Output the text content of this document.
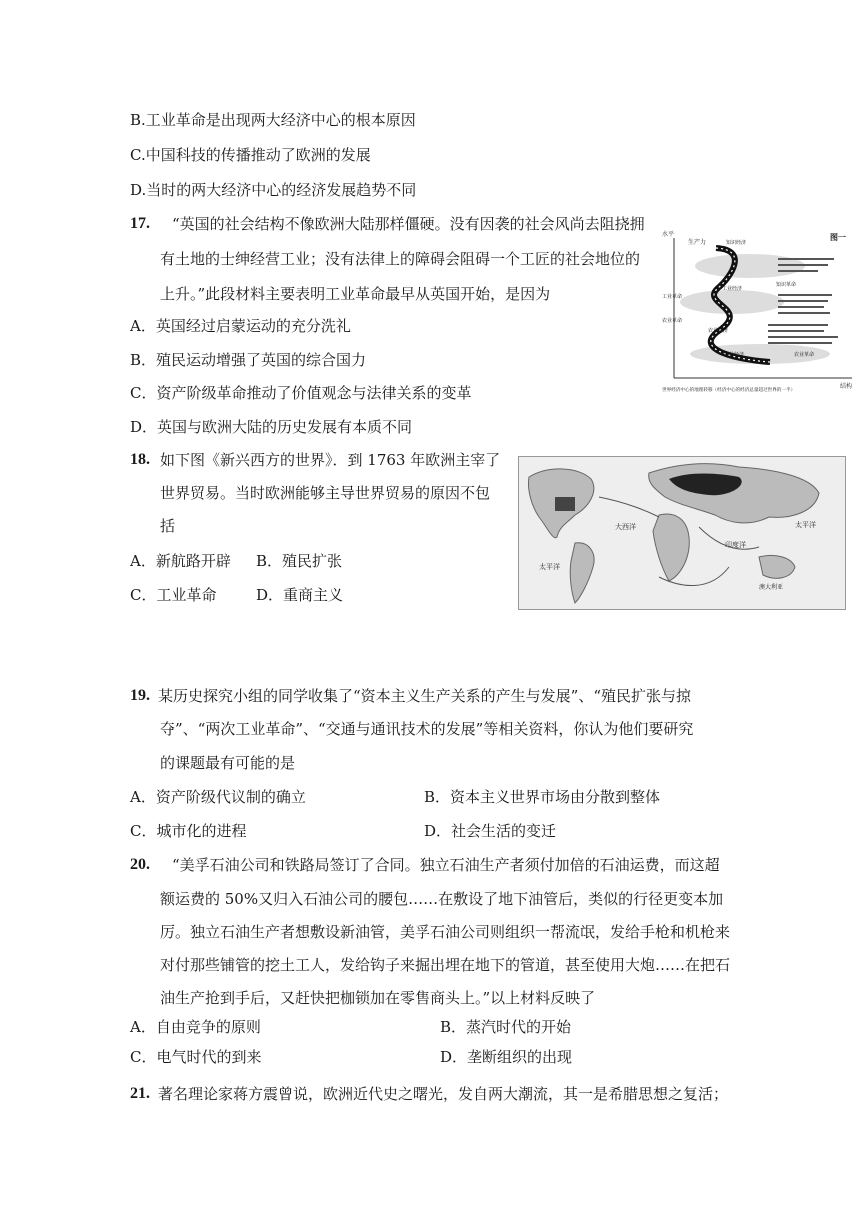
B.工业革命是出现两大经济中心的根本原因
C.中国科技的传播推动了欧洲的发展
D.当时的两大经济中心的经济发展趋势不同
17. “英国的社会结构不像欧洲大陆那样僵硬。没有因袭的社会风尚去阻挠拥
有土地的士绅经营工业；没有法律上的障碍会阻碍一个工匠的社会地位的
上升。”此段材料主要表明工业革命最早从英国开始，是因为
A．英国经过启蒙运动的充分洗礼
B．殖民运动增强了英国的综合国力
C．资产阶级革命推动了价值观念与法律关系的变革
D．英国与欧洲大陆的历史发展有本质不同
水平
结构
图一
生产力
工业革命
农业革命
知识经济
工业经济
农业经济
知识革命
原始经济	农业革命
世界经济中心的地理转移（经济中心的经济总量超过世界的一半）
18. 如下图《新兴西方的世界》．到 1763 年欧洲主宰了
世界贸易。当时欧洲能够主导世界贸易的原因不包
括
A．新航路开辟 B．殖民扩张
C．工业革命	D．重商主义
大西洋
印度洋
太平洋
太平洋
澳大利亚
19. 某历史探究小组的同学收集了“资本主义生产关系的产生与发展”、“殖民扩张与掠
夺”、“两次工业革命”、“交通与通讯技术的发展”等相关资料，你认为他们要研究
的课题最有可能的是
A．资产阶级代议制的确立	B．资本主义世界市场由分散到整体
C．城市化的进程	D．社会生活的变迁
20. “美孚石油公司和铁路局签订了合同。独立石油生产者须付加倍的石油运费，而这超
额运费的 50%又归入石油公司的腰包……在敷设了地下油管后，类似的行径更变本加
厉。独立石油生产者想敷设新油管，美孚石油公司则组织一帮流氓，发给手枪和机枪来
对付那些铺管的挖土工人，发给钩子来掘出埋在地下的管道，甚至使用大炮……在把石
油生产抢到手后，又赶快把枷锁加在零售商头上。”以上材料反映了
A．自由竞争的原则	B．蒸汽时代的开始
C．电气时代的到来	D．垄断组织的出现
21. 著名理论家蒋方震曾说，欧洲近代史之曙光，发自两大潮流，其一是希腊思想之复活；
